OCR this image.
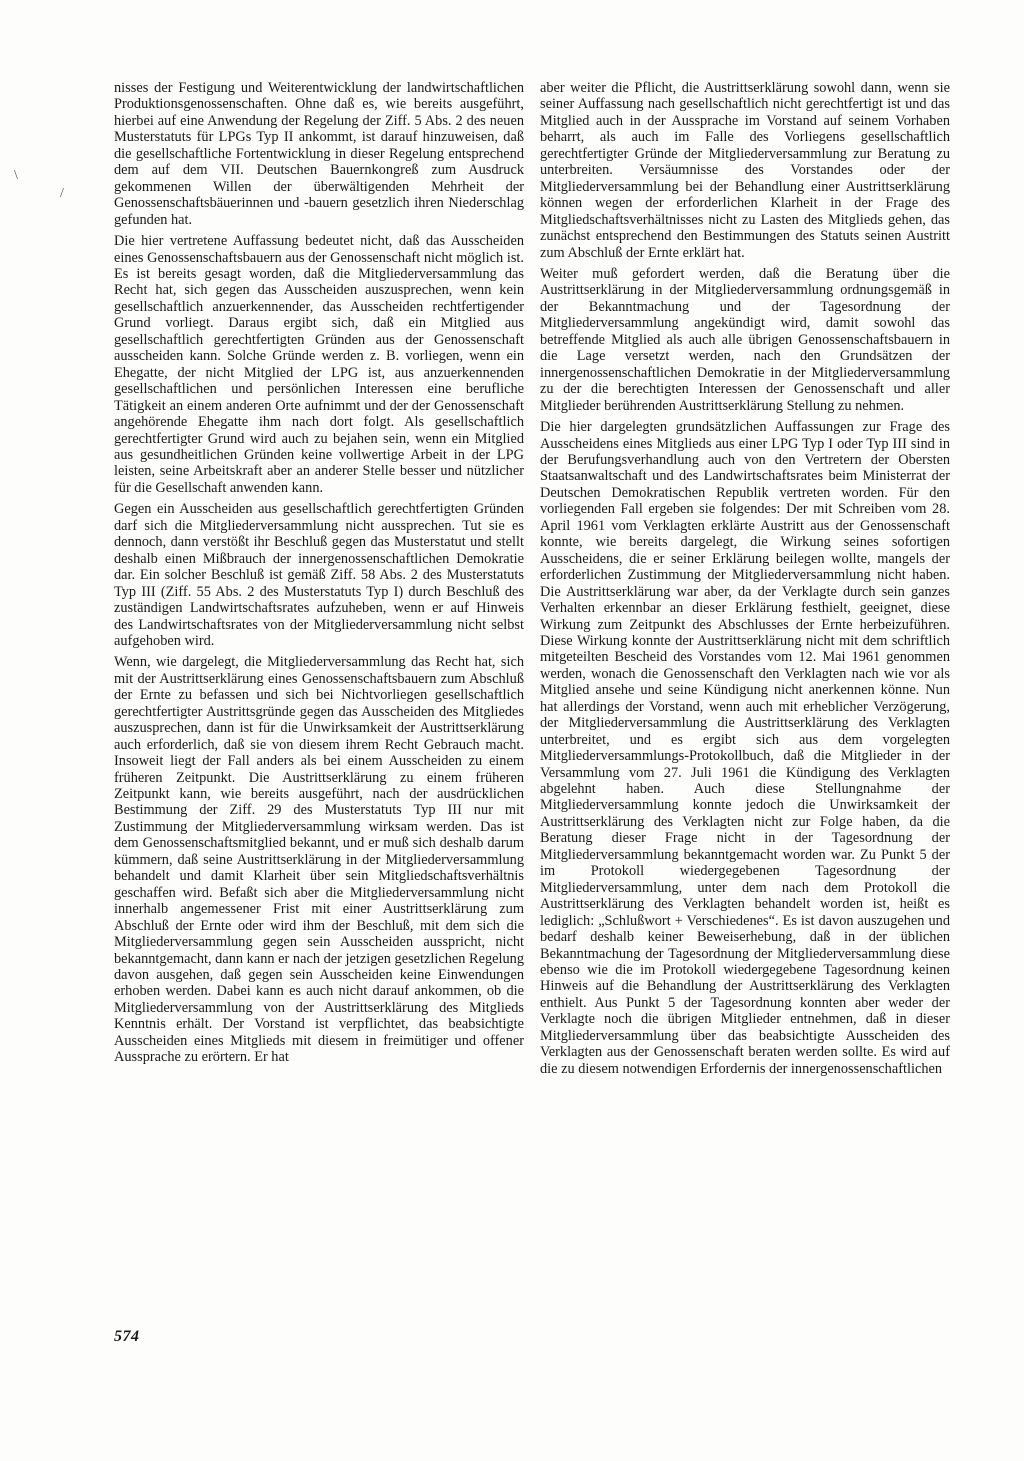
\
/

nisses der Festigung und Weiterentwicklung der landwirtschaftlichen Produktionsgenossenschaften. Ohne daß es, wie bereits ausgeführt, hierbei auf eine Anwendung der Regelung der Ziff. 5 Abs. 2 des neuen Musterstatuts für LPGs Typ II ankommt, ist darauf hinzuweisen, daß die gesellschaftliche Fortentwicklung in dieser Regelung entsprechend dem auf dem VII. Deutschen Bauernkongreß zum Ausdruck gekommenen Willen der überwältigenden Mehrheit der Genossenschaftsbäuerinnen und -bauern gesetzlich ihren Niederschlag gefunden hat.

Die hier vertretene Auffassung bedeutet nicht, daß das Ausscheiden eines Genossenschaftsbauern aus der Genossenschaft nicht möglich ist. Es ist bereits gesagt worden, daß die Mitgliederversammlung das Recht hat, sich gegen das Ausscheiden auszusprechen, wenn kein gesellschaftlich anzuerkennender, das Ausscheiden rechtfertigender Grund vorliegt. Daraus ergibt sich, daß ein Mitglied aus gesellschaftlich gerechtfertigten Gründen aus der Genossenschaft ausscheiden kann. Solche Gründe werden z. B. vorliegen, wenn ein Ehegatte, der nicht Mitglied der LPG ist, aus anzuerkennenden gesellschaftlichen und persönlichen Interessen eine berufliche Tätigkeit an einem anderen Orte aufnimmt und der der Genossenschaft angehörende Ehegatte ihm nach dort folgt. Als gesellschaftlich gerechtfertigter Grund wird auch zu bejahen sein, wenn ein Mitglied aus gesundheitlichen Gründen keine vollwertige Arbeit in der LPG leisten, seine Arbeitskraft aber an anderer Stelle besser und nützlicher für die Gesellschaft anwenden kann.

Gegen ein Ausscheiden aus gesellschaftlich gerechtfertigten Gründen darf sich die Mitgliederversammlung nicht aussprechen. Tut sie es dennoch, dann verstößt ihr Beschluß gegen das Musterstatut und stellt deshalb einen Mißbrauch der innergenossenschaftlichen Demokratie dar. Ein solcher Beschluß ist gemäß Ziff. 58 Abs. 2 des Musterstatuts Typ III (Ziff. 55 Abs. 2 des Musterstatuts Typ I) durch Beschluß des zuständigen Landwirtschaftsrates aufzuheben, wenn er auf Hinweis des Landwirtschaftsrates von der Mitgliederversammlung nicht selbst aufgehoben wird.

Wenn, wie dargelegt, die Mitgliederversammlung das Recht hat, sich mit der Austrittserklärung eines Genossenschaftsbauern zum Abschluß der Ernte zu befassen und sich bei Nichtvorliegen gesellschaftlich gerechtfertigter Austrittsgründe gegen das Ausscheiden des Mitgliedes auszusprechen, dann ist für die Unwirksamkeit der Austrittserklärung auch erforderlich, daß sie von diesem ihrem Recht Gebrauch macht. Insoweit liegt der Fall anders als bei einem Ausscheiden zu einem früheren Zeitpunkt. Die Austrittserklärung zu einem früheren Zeitpunkt kann, wie bereits ausgeführt, nach der ausdrücklichen Bestimmung der Ziff. 29 des Musterstatuts Typ III nur mit Zustimmung der Mitgliederversammlung wirksam werden. Das ist dem Genossenschaftsmitglied bekannt, und er muß sich deshalb darum kümmern, daß seine Austrittserklärung in der Mitgliederversammlung behandelt und damit Klarheit über sein Mitgliedschaftsverhältnis geschaffen wird. Befaßt sich aber die Mitgliederversammlung nicht innerhalb angemessener Frist mit einer Austrittserklärung zum Abschluß der Ernte oder wird ihm der Beschluß, mit dem sich die Mitgliederversammlung gegen sein Ausscheiden ausspricht, nicht bekanntgemacht, dann kann er nach der jetzigen gesetzlichen Regelung davon ausgehen, daß gegen sein Ausscheiden keine Einwendungen erhoben werden. Dabei kann es auch nicht darauf ankommen, ob die Mitgliederversammlung von der Austrittserklärung des Mitglieds Kenntnis erhält. Der Vorstand ist verpflichtet, das beabsichtigte Ausscheiden eines Mitglieds mit diesem in freimütiger und offener Aussprache zu erörtern. Er hat

aber weiter die Pflicht, die Austrittserklärung sowohl dann, wenn sie seiner Auffassung nach gesellschaftlich nicht gerechtfertigt ist und das Mitglied auch in der Aussprache im Vorstand auf seinem Vorhaben beharrt, als auch im Falle des Vorliegens gesellschaftlich gerechtfertigter Gründe der Mitgliederversammlung zur Beratung zu unterbreiten. Versäumnisse des Vorstandes oder der Mitgliederversammlung bei der Behandlung einer Austrittserklärung können wegen der erforderlichen Klarheit in der Frage des Mitgliedschaftsverhältnisses nicht zu Lasten des Mitglieds gehen, das zunächst entsprechend den Bestimmungen des Statuts seinen Austritt zum Abschluß der Ernte erklärt hat.

Weiter muß gefordert werden, daß die Beratung über die Austrittserklärung in der Mitgliederversammlung ordnungsgemäß in der Bekanntmachung und der Tagesordnung der Mitgliederversammlung angekündigt wird, damit sowohl das betreffende Mitglied als auch alle übrigen Genossenschaftsbauern in die Lage versetzt werden, nach den Grundsätzen der innergenossenschaftlichen Demokratie in der Mitgliederversammlung zu der die berechtigten Interessen der Genossenschaft und aller Mitglieder berührenden Austrittserklärung Stellung zu nehmen.

Die hier dargelegten grundsätzlichen Auffassungen zur Frage des Ausscheidens eines Mitglieds aus einer LPG Typ I oder Typ III sind in der Berufungsverhandlung auch von den Vertretern der Obersten Staatsanwaltschaft und des Landwirtschaftsrates beim Ministerrat der Deutschen Demokratischen Republik vertreten worden. Für den vorliegenden Fall ergeben sie folgendes: Der mit Schreiben vom 28. April 1961 vom Verklagten erklärte Austritt aus der Genossenschaft konnte, wie bereits dargelegt, die Wirkung seines sofortigen Ausscheidens, die er seiner Erklärung beilegen wollte, mangels der erforderlichen Zustimmung der Mitgliederversammlung nicht haben. Die Austrittserklärung war aber, da der Verklagte durch sein ganzes Verhalten erkennbar an dieser Erklärung festhielt, geeignet, diese Wirkung zum Zeitpunkt des Abschlusses der Ernte herbeizuführen. Diese Wirkung konnte der Austrittserklärung nicht mit dem schriftlich mitgeteilten Bescheid des Vorstandes vom 12. Mai 1961 genommen werden, wonach die Genossenschaft den Verklagten nach wie vor als Mitglied ansehe und seine Kündigung nicht anerkennen könne. Nun hat allerdings der Vorstand, wenn auch mit erheblicher Verzögerung, der Mitgliederversammlung die Austrittserklärung des Verklagten unterbreitet, und es ergibt sich aus dem vorgelegten Mitgliederversammlungs-Protokollbuch, daß die Mitglieder in der Versammlung vom 27. Juli 1961 die Kündigung des Verklagten abgelehnt haben. Auch diese Stellungnahme der Mitgliederversammlung konnte jedoch die Unwirksamkeit der Austrittserklärung des Verklagten nicht zur Folge haben, da die Beratung dieser Frage nicht in der Tagesordnung der Mitgliederversammlung bekanntgemacht worden war. Zu Punkt 5 der im Protokoll wiedergegebenen Tagesordnung der Mitgliederversammlung, unter dem nach dem Protokoll die Austrittserklärung des Verklagten behandelt worden ist, heißt es lediglich: „Schlußwort + Verschiedenes“. Es ist davon auszugehen und bedarf deshalb keiner Beweiserhebung, daß in der üblichen Bekanntmachung der Tagesordnung der Mitgliederversammlung diese ebenso wie die im Protokoll wiedergegebene Tagesordnung keinen Hinweis auf die Behandlung der Austrittserklärung des Verklagten enthielt. Aus Punkt 5 der Tagesordnung konnten aber weder der Verklagte noch die übrigen Mitglieder entnehmen, daß in dieser Mitgliederversammlung über das beabsichtigte Ausscheiden des Verklagten aus der Genossenschaft beraten werden sollte. Es wird auf die zu diesem notwendigen Erfordernis der innergenossenschaftlichen

574
